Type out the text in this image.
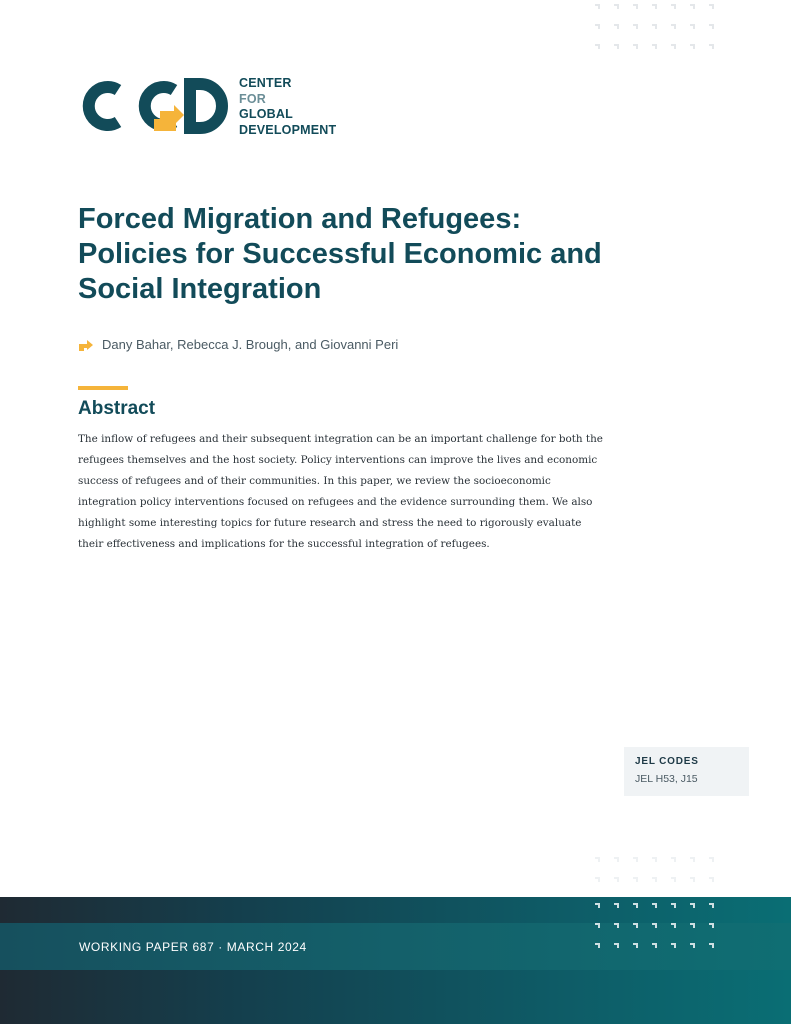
CENTER
FOR
GLOBAL
DEVELOPMENT
Forced Migration and Refugees: Policies for Successful Economic and Social Integration
Dany Bahar, Rebecca J. Brough, and Giovanni Peri
Abstract

The inflow of refugees and their subsequent integration can be an important challenge for both the refugees themselves and the host society. Policy interventions can improve the lives and economic success of refugees and of their communities. In this paper, we review the socioeconomic integration policy interventions focused on refugees and the evidence surrounding them. We also highlight some interesting topics for future research and stress the need to rigorously evaluate their effectiveness and implications for the successful integration of refugees.

JEL CODES
JEL H53, J15
WORKING PAPER 687 · MARCH 2024
